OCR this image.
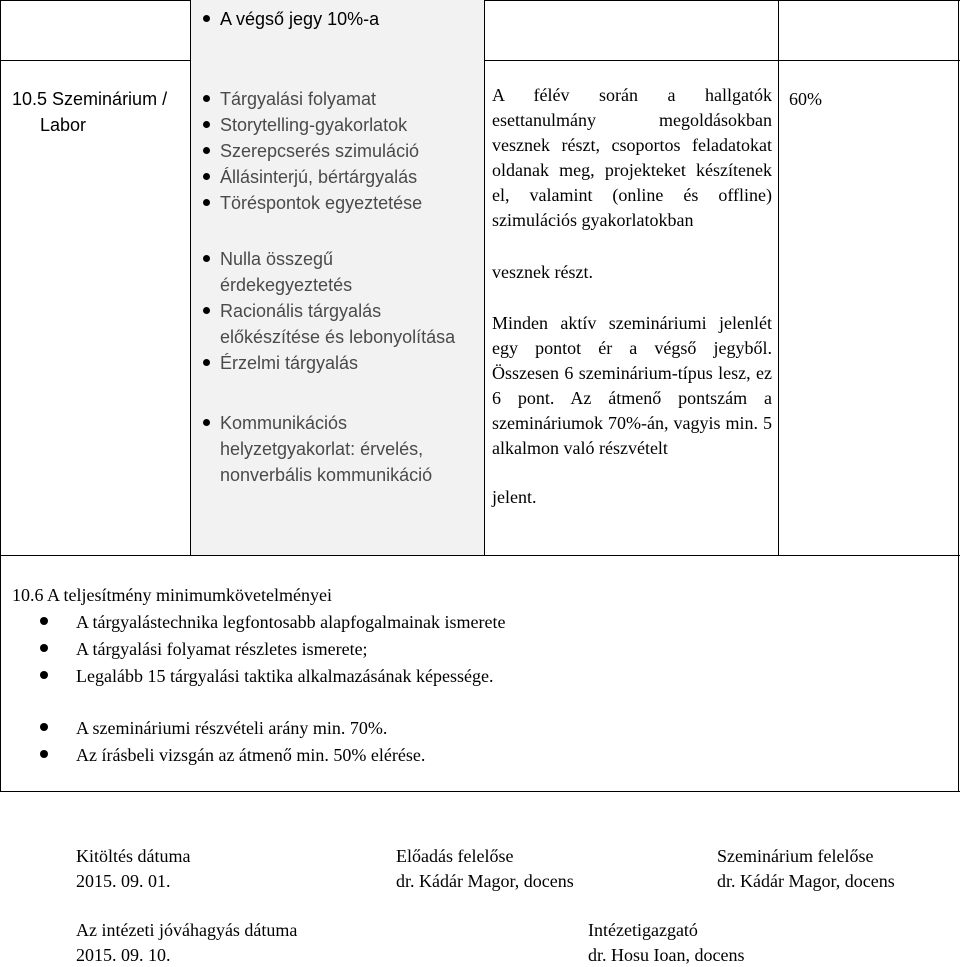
A végső jegy 10%-a
10.5 Szeminárium /
Labor
Tárgyalási folyamat
Storytelling-gyakorlatok
Szerepcserés szimuláció
Állásinterjú, bértárgyalás
Töréspontok egyeztetése
Nulla összegű
érdekegyeztetés
Racionális tárgyalás
előkészítése és lebonyolítása
Érzelmi tárgyalás
Kommunikációs
helyzetgyakorlat: érvelés,
nonverbális kommunikáció
A félév során a hallgatók esettanulmány megoldásokban vesznek részt, csoportos feladatokat oldanak meg, projekteket készítenek el, valamint (online és offline) szimulációs gyakorlatokban
vesznek részt.
Minden aktív szemináriumi jelenlét egy pontot ér a végső jegyből. Összesen 6 szeminárium-típus lesz, ez 6 pont. Az átmenő pontszám a szemináriumok 70%-án, vagyis min. 5 alkalmon való részvételt
jelent.
60%
10.6 A teljesítmény minimumkövetelményei
A tárgyalástechnika legfontosabb alapfogalmainak ismerete
A tárgyalási folyamat részletes ismerete;
Legalább 15 tárgyalási taktika alkalmazásának képessége.
A szemináriumi részvételi arány min. 70%.
Az írásbeli vizsgán az átmenő min. 50% elérése.
Kitöltés dátuma
2015. 09. 01.
Előadás felelőse
dr. Kádár Magor, docens
Szeminárium felelőse
dr. Kádár Magor, docens
Az intézeti jóváhagyás dátuma
2015. 09. 10.
Intézetigazgató
dr. Hosu Ioan, docens
